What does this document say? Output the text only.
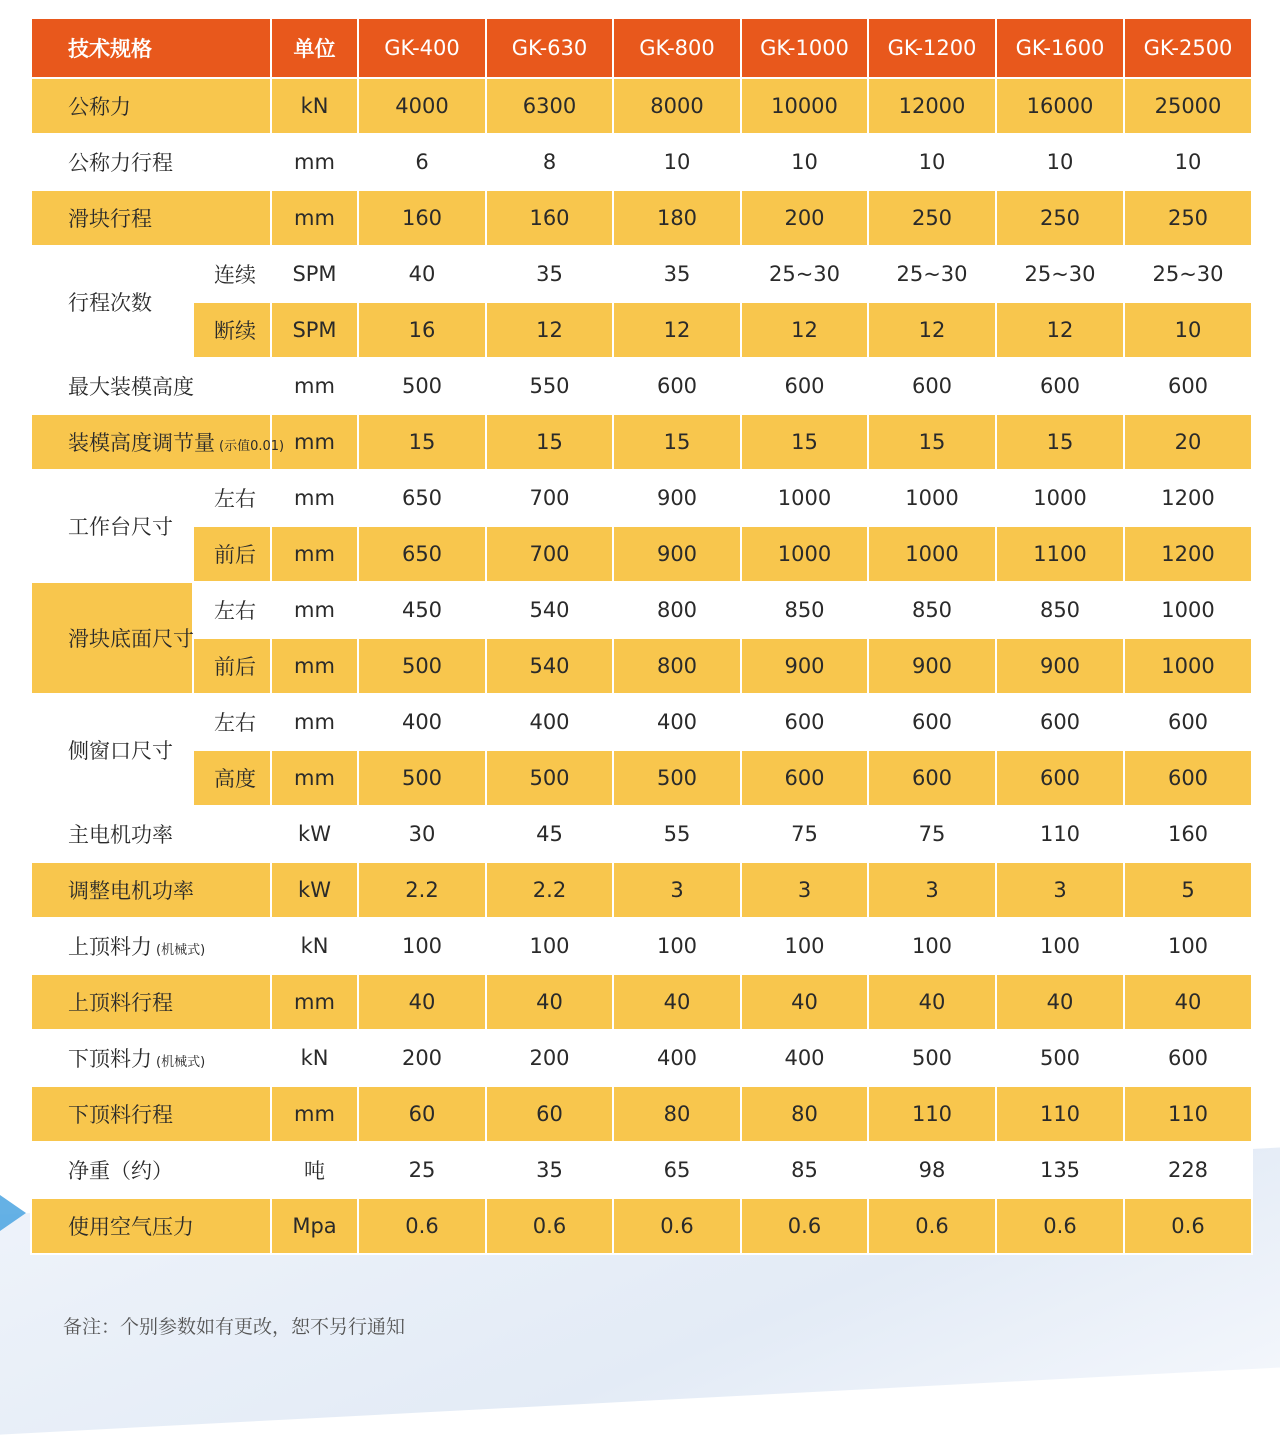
技术规格		单位	GK-400	GK-630	GK-800	GK-1000	GK-1200	GK-1600	GK-2500
公称力		kN	4000	6300	8000	10000	12000	16000	25000
公称力行程		mm	6	8	10	10	10	10	10
滑块行程		mm	160	160	180	200	250	250	250
行程次数	连续	SPM	40	35	35	25~30	25~30	25~30	25~30
	断续	SPM	16	12	12	12	12	12	10
最大装模高度		mm	500	550	600	600	600	600	600
装模高度调节量 (示值0.01)		mm	15	15	15	15	15	15	20
工作台尺寸	左右	mm	650	700	900	1000	1000	1000	1200
	前后	mm	650	700	900	1000	1000	1100	1200
滑块底面尺寸	左右	mm	450	540	800	850	850	850	1000
	前后	mm	500	540	800	900	900	900	1000
侧窗口尺寸	左右	mm	400	400	400	600	600	600	600
	高度	mm	500	500	500	600	600	600	600
主电机功率		kW	30	45	55	75	75	110	160
调整电机功率		kW	2.2	2.2	3	3	3	3	5
上顶料力 (机械式)		kN	100	100	100	100	100	100	100
上顶料行程		mm	40	40	40	40	40	40	40
下顶料力 (机械式)		kN	200	200	400	400	500	500	600
下顶料行程		mm	60	60	80	80	110	110	110
净重（约）		吨	25	35	65	85	98	135	228
使用空气压力		Mpa	0.6	0.6	0.6	0.6	0.6	0.6	0.6
备注：个别参数如有更改，恕不另行通知
